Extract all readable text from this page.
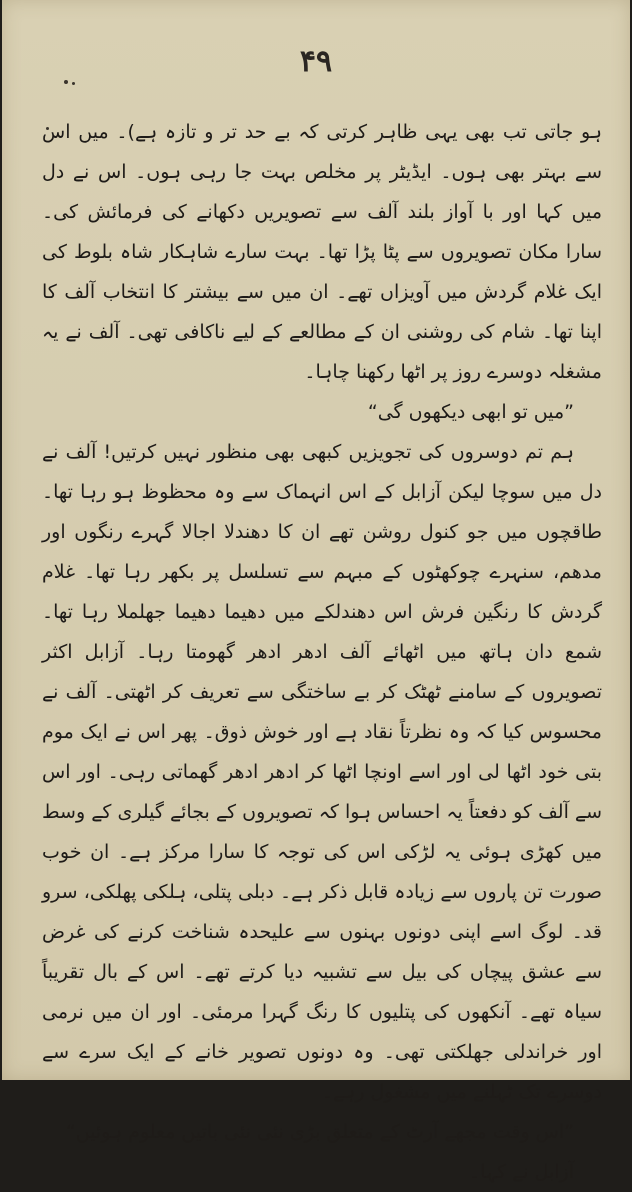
۴۹

ہو جاتی تب بھی یہی ظاہر کرتی کہ بے حد تر و تازہ ہے)۔ میں اس سے بہتر بھی ہوں۔ ایڈیٹر پر مخلص بہت جا رہی ہوں۔ اس نے دل میں کہا اور با آواز بلند آلف سے تصویریں دکھانے کی فرمائش کی۔ سارا مکان تصویروں سے پٹا پڑا تھا۔ بہت سارے شاہکار شاہ بلوط کی ایک غلام گردش میں آویزاں تھے۔ ان میں سے بیشتر کا انتخاب آلف کا اپنا تھا۔ شام کی روشنی ان کے مطالعے کے لیے ناکافی تھی۔ آلف نے یہ مشغلہ دوسرے روز پر اٹھا رکھنا چاہا۔

”میں تو ابھی دیکھوں گی“

ہم تم دوسروں کی تجویزیں کبھی بھی منظور نہیں کرتیں! آلف نے دل میں سوچا لیکن آزابل کے اس انہماک سے وہ محظوظ ہو رہا تھا۔ طاقچوں میں جو کنول روشن تھے ان کا دھندلا اجالا گہرے رنگوں اور مدھم، سنہرے چوکھٹوں کے مبہم سے تسلسل پر بکھر رہا تھا۔ غلام گردش کا رنگین فرش اس دھندلکے میں دھیما دھیما جھلملا رہا تھا۔ شمع دان ہاتھ میں اٹھائے آلف ادھر ادھر گھومتا رہا۔ آزابل اکثر تصویروں کے سامنے ٹھٹک کر بے ساختگی سے تعریف کر اٹھتی۔ آلف نے محسوس کیا کہ وہ نظرتاً نقاد ہے اور خوش ذوق۔ پھر اس نے ایک موم بتی خود اٹھا لی اور اسے اونچا اٹھا کر ادھر ادھر گھماتی رہی۔ اور اس سے آلف کو دفعتاً یہ احساس ہوا کہ تصویروں کے بجائے گیلری کے وسط میں کھڑی ہوئی یہ لڑکی اس کی توجہ کا سارا مرکز ہے۔ ان خوب صورت تن پاروں سے زیادہ قابل ذکر ہے۔ دبلی پتلی، ہلکی پھلکی، سرو قد۔ لوگ اسے اپنی دونوں بہنوں سے علیحدہ شناخت کرنے کی غرض سے عشق پیچاں کی بیل سے تشبیہ دیا کرتے تھے۔ اس کے بال تقریباً سیاہ تھے۔ آنکھوں کی پتلیوں کا رنگ گہرا مرمئی۔ اور ان میں نرمی اور خراندلی جھلکتی تھی۔ وہ دونوں تصویر خانے کے ایک سرے سے دوسرے تک ٹہلنے میں مشغول رہے۔

”اس وقت مجھے آرٹ کے متعلق بڑی نئی نئی باتیں معلوم ہوئیں“ آزابل نے کہا۔
